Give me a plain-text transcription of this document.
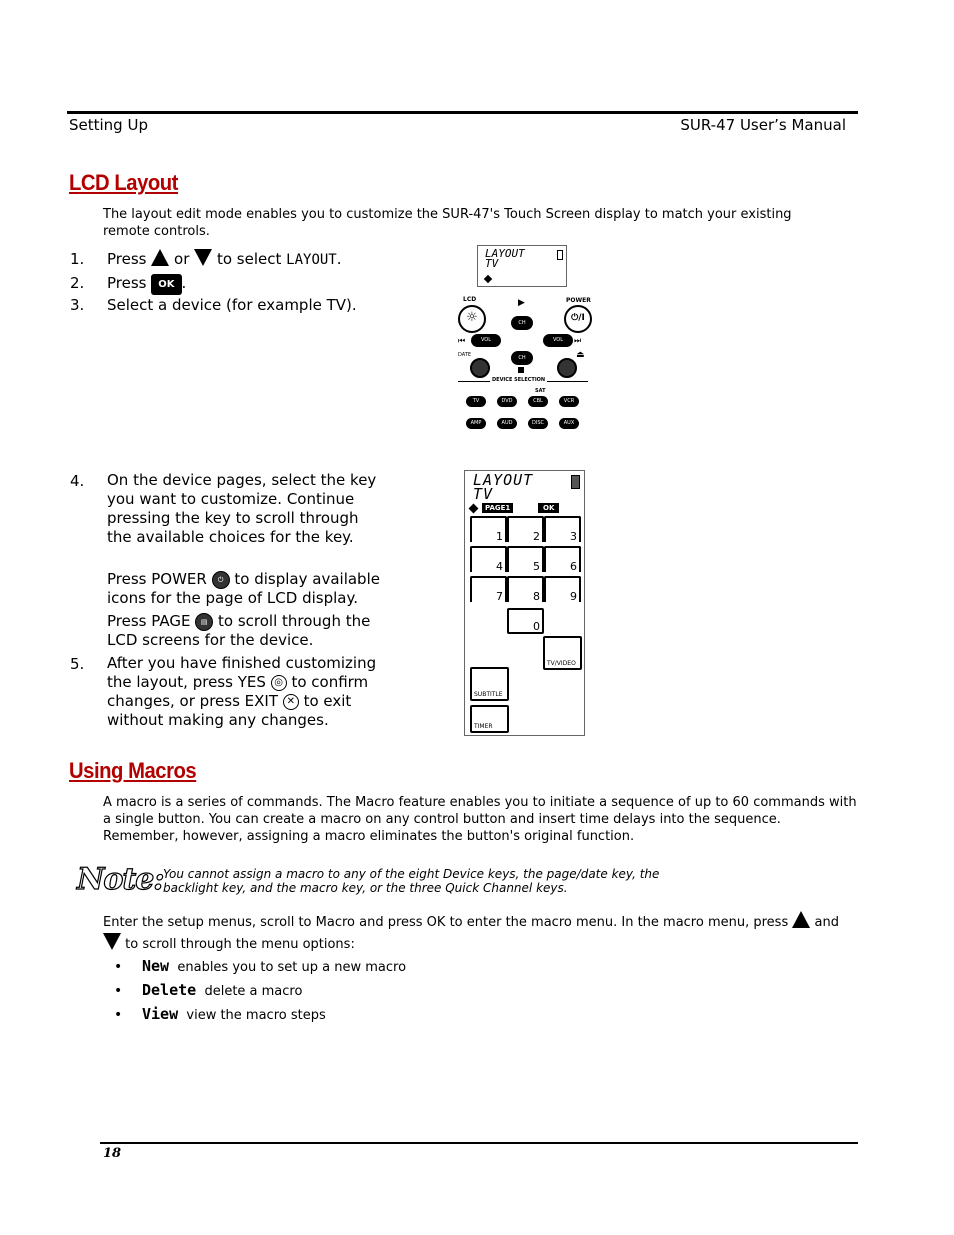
Setting Up	SUR-47 User’s Manual
LCD Layout
The layout edit mode enables you to customize the SUR-47's Touch Screen display to match your existing remote controls.
1. Press or to select LAYOUT.
2. Press OK .
3. Select a device (for example TV).
LAYOUT
TV
LCD	POWER
☼	⏻/I
▶
CH
⏮	VOL	VOL	⏭
DATE	CH	⏏
DEVICE SELECTION
SAT
TV	DVD	CBL	VCR
AMP	AUD	DISC	AUX
4. On the device pages, select the key you want to customize. Continue pressing the key to scroll through the available choices for the key.
Press POWER ⏻ to display available icons for the page of LCD display.
Press PAGE ▤ to scroll through the LCD screens for the device.
5. After you have finished customizing the layout, press YES ◎ to confirm changes, or press EXIT ✕ to exit without making any changes.
LAYOUT
TV
PAGE1	OK
1	2	3
4	5	6
7	8	9
0
TV/VIDEO
SUBTITLE
TIMER
Using Macros
A macro is a series of commands. The Macro feature enables you to initiate a sequence of up to 60 commands with a single button. You can create a macro on any control button and insert time delays into the sequence. Remember, however, assigning a macro eliminates the button's original function.
Note: You cannot assign a macro to any of the eight Device keys, the page/date key, the backlight key, and the macro key, or the three Quick Channel keys.
Enter the setup menus, scroll to Macro and press OK to enter the macro menu. In the macro menu, press and  to scroll through the menu options:
• New enables you to set up a new macro
• Delete delete a macro
• View view the macro steps
18
